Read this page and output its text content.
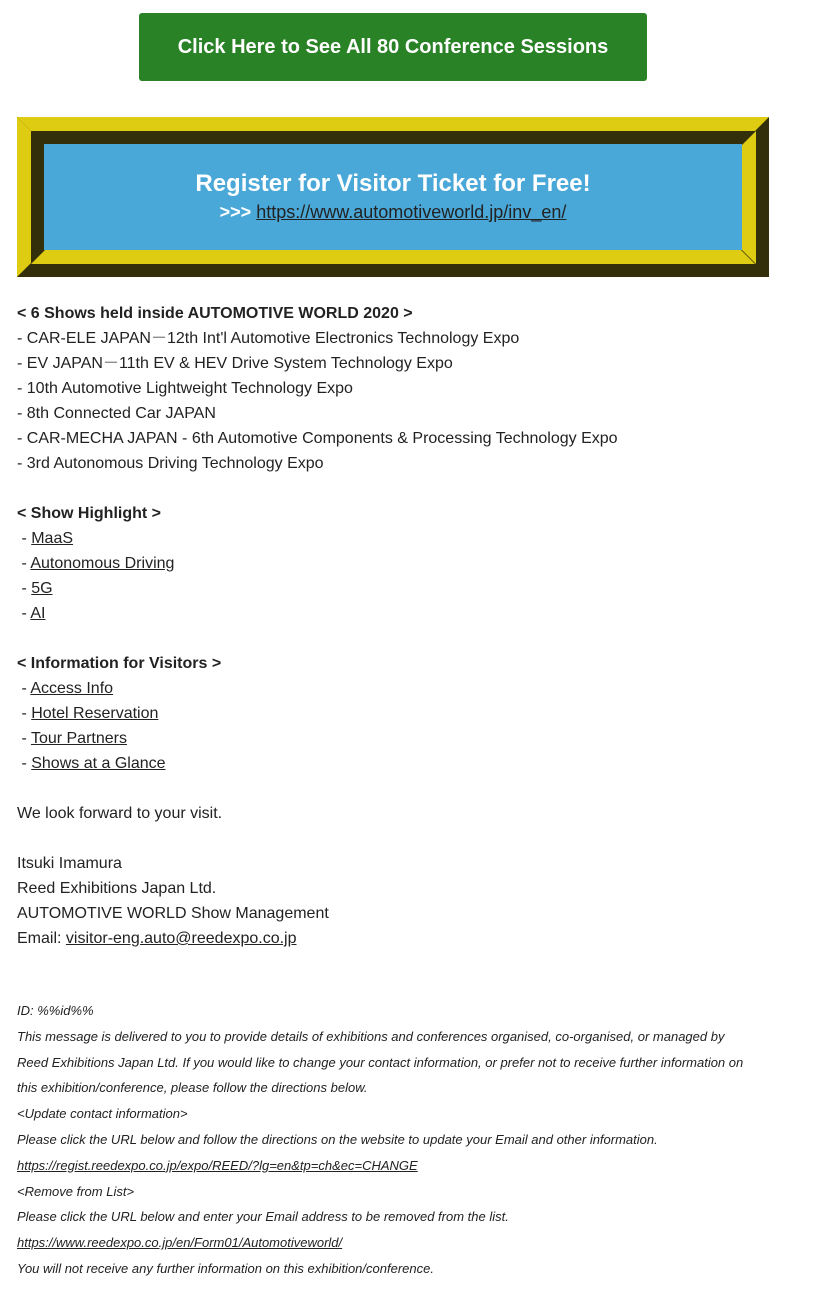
Click Here to See All 80 Conference Sessions
Register for Visitor Ticket for Free!
>>> https://www.automotiveworld.jp/inv_en/
< 6 Shows held inside AUTOMOTIVE WORLD 2020 >
- CAR-ELE JAPAN－12th Int'l Automotive Electronics Technology Expo
- EV JAPAN－11th EV & HEV Drive System Technology Expo
- 10th Automotive Lightweight Technology Expo
- 8th Connected Car JAPAN
- CAR-MECHA JAPAN - 6th Automotive Components & Processing Technology Expo
- 3rd Autonomous Driving Technology Expo
< Show Highlight >
- MaaS
- Autonomous Driving
- 5G
- AI
< Information for Visitors >
- Access Info
- Hotel Reservation
- Tour Partners
- Shows at a Glance
We look forward to your visit.
Itsuki Imamura
Reed Exhibitions Japan Ltd.
AUTOMOTIVE WORLD Show Management
Email: visitor-eng.auto@reedexpo.co.jp
ID: %%id%%
This message is delivered to you to provide details of exhibitions and conferences organised, co-organised, or managed by
Reed Exhibitions Japan Ltd. If you would like to change your contact information, or prefer not to receive further information on
this exhibition/conference, please follow the directions below.
<Update contact information>
Please click the URL below and follow the directions on the website to update your Email and other information.
https://regist.reedexpo.co.jp/expo/REED/?lg=en&tp=ch&ec=CHANGE
<Remove from List>
Please click the URL below and enter your Email address to be removed from the list.
https://www.reedexpo.co.jp/en/Form01/Automotiveworld/
You will not receive any further information on this exhibition/conference.
